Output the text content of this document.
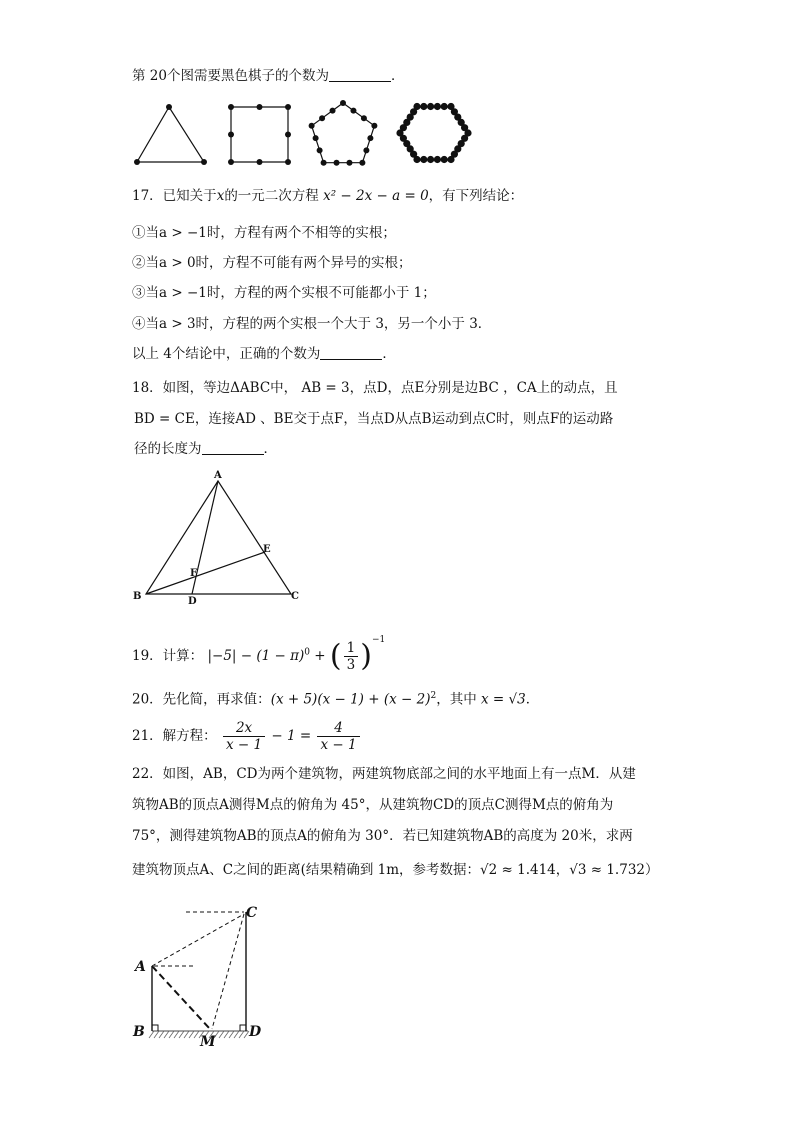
第 20个图需要黑色棋子的个数为	．
17．已知关于x的一元二次方程 x² − 2x − a = 0，有下列结论：
①当a > −1时，方程有两个不相等的实根；
②当a > 0时，方程不可能有两个异号的实根；
③当a > −1时，方程的两个实根不可能都小于 1；
④当a > 3时，方程的两个实根一个大于 3，另一个小于 3．
以上 4个结论中，正确的个数为	．
18．如图，等边ΔABC中， AB = 3，点D，点E分别是边BC ，CA上的动点，且
BD = CE，连接AD 、BE交于点F，当点D从点B运动到点C时，则点F的运动路
径的长度为	．
A
B	C
D
E
F
19．计算： $|-5| - (1 - \pi)^0$ + ( $\frac{1}{3} )^{-1}$
20．先化简，再求值：$(x + 5)(x - 1) + (x - 2)^2$，其中 x = √3．
21．解方程： $\frac{2x}{x - 1} - 1 = \frac{4}{x - 1}$
22．如图，AB，CD为两个建筑物，两建筑物底部之间的水平地面上有一点M．从建
筑物AB的顶点A测得M点的俯角为 45°，从建筑物CD的顶点C测得M点的俯角为
75°，测得建筑物AB的顶点A的俯角为 30°．若已知建筑物AB的高度为 20米，求两
建筑物顶点A、C之间的距离(结果精确到 1m，参考数据：√2 ≈ 1.414，√3 ≈ 1.732）
C
A
B	D
M
